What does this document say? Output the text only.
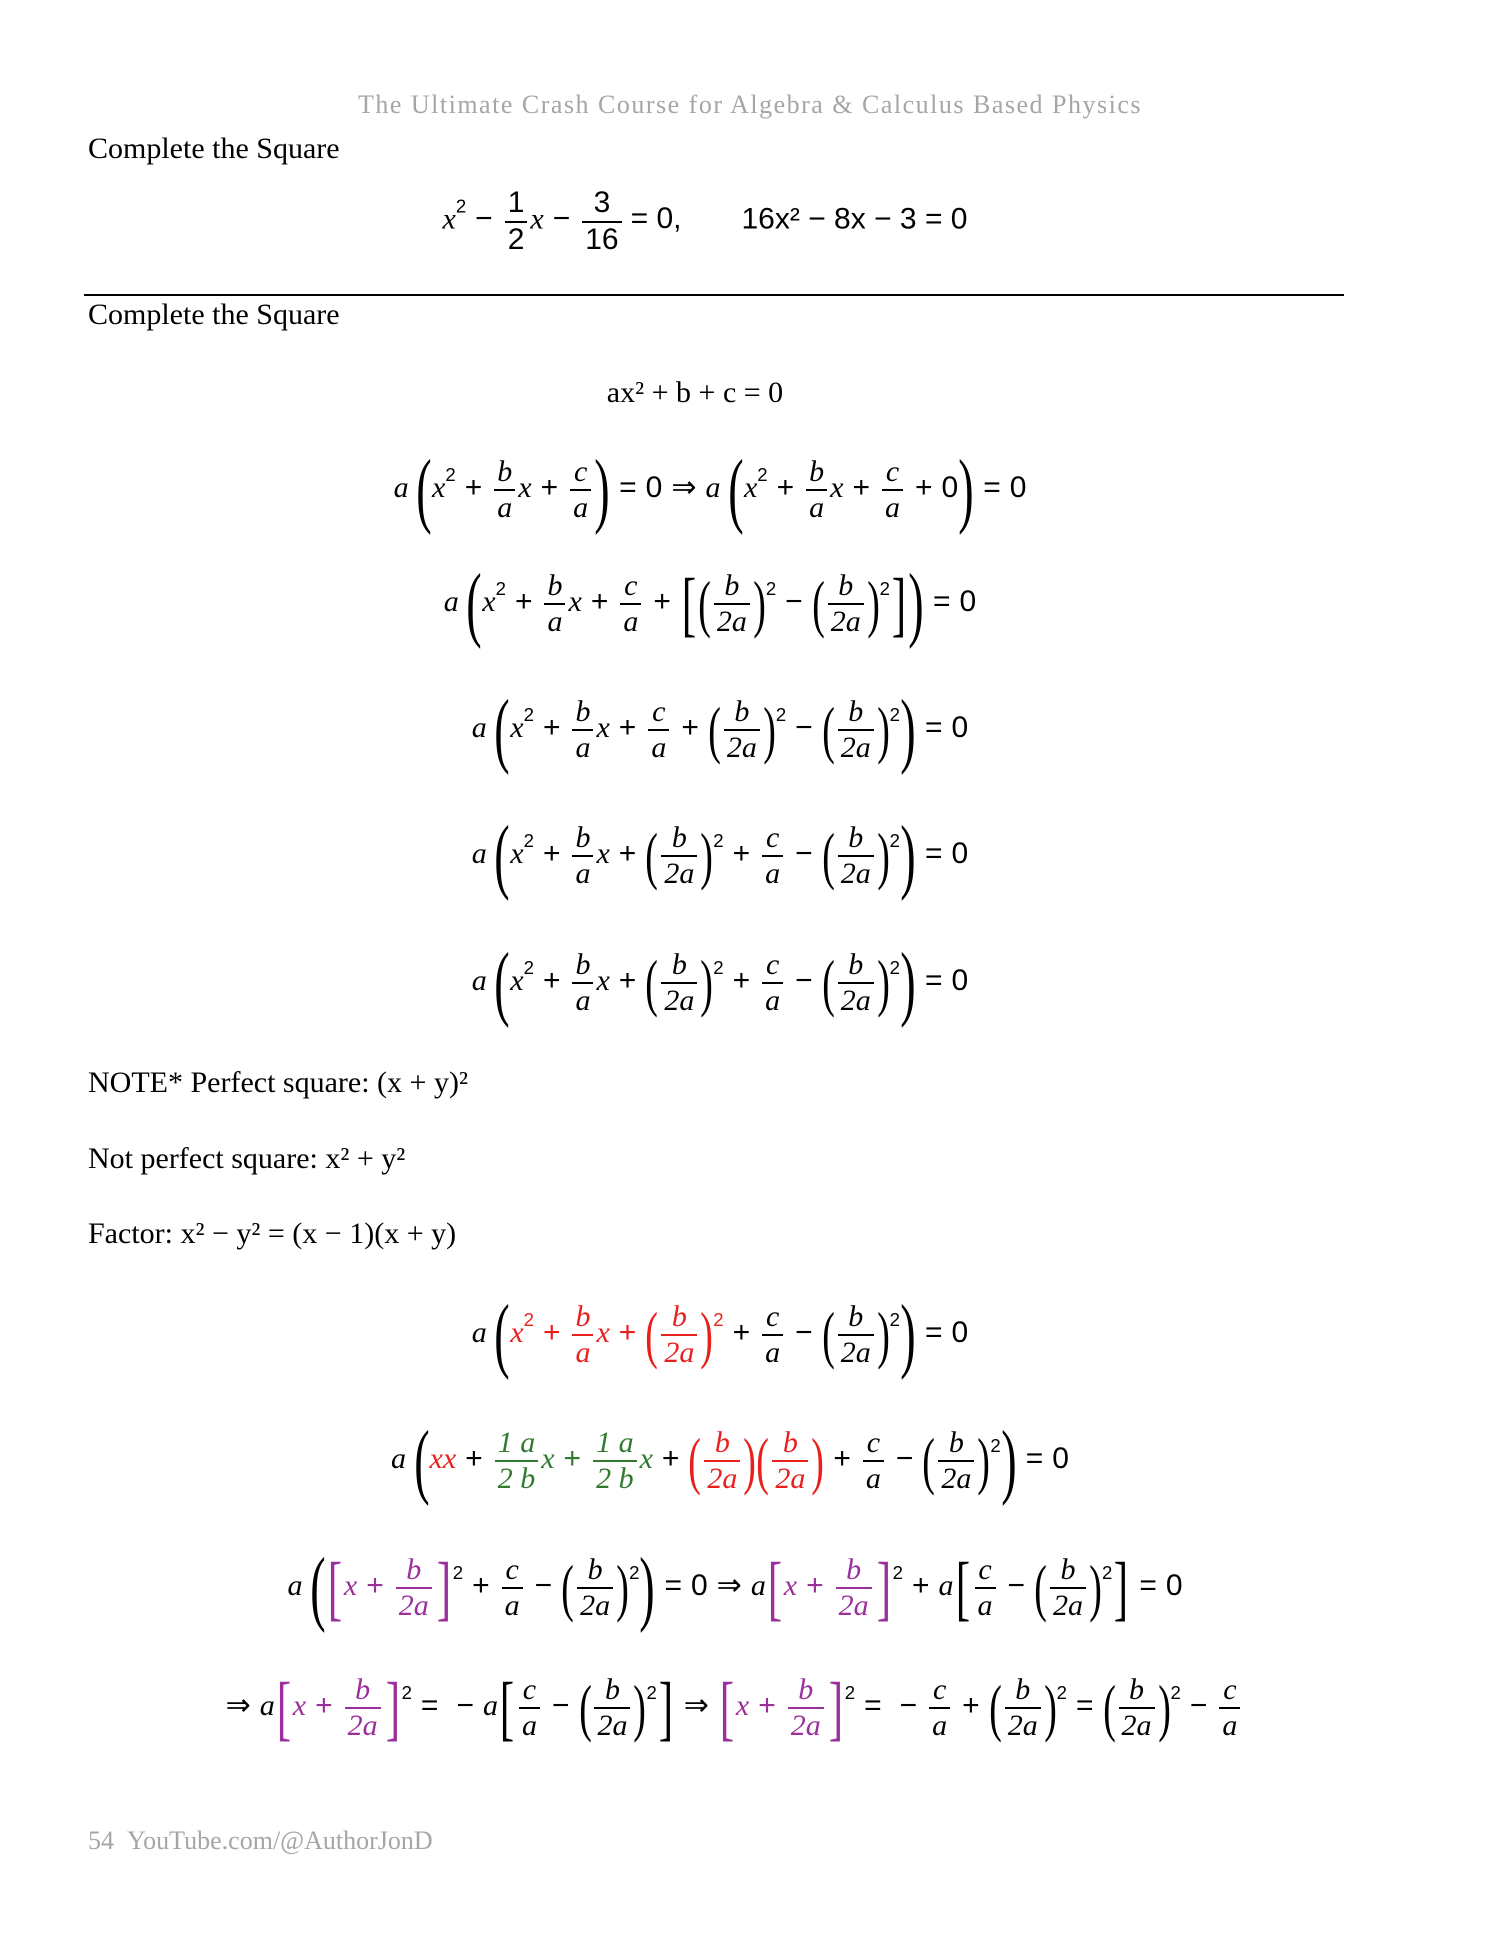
The Ultimate Crash Course for Algebra & Calculus Based Physics
Complete the Square
$x^2 - \frac{1}{2}$ $x - \frac{3}{16} = 0$, 16x² − 8x − 3 = 0
Complete the Square
ax² + b + c = 0
a ($x^2 + \frac{b}{a}$ $x + \frac{c}{a}$ ) = 0 ⇒ a ($x^2 + \frac{b}{a}$ $x + \frac{c}{a} + 0) = 0$
a ($x^2 + \frac{b}{a}$ $x + \frac{c}{a}$ + [( $\frac{b}{2a} )^2$ − ( $\frac{b}{2a} )^2]) = 0$
a ($x^2 + \frac{b}{a}$ $x + \frac{c}{a}$ + ( $\frac{b}{2a} )^2$ − ( $\frac{b}{2a} )^2) = 0$
a ($x^2 + \frac{b}{a}$ x + ( $\frac{b}{2a} )^2 + \frac{c}{a}$ − ( $\frac{b}{2a} )^2) = 0$
a ($x^2 + \frac{b}{a}$ x + ( $\frac{b}{2a} )^2 + \frac{c}{a}$ − ( $\frac{b}{2a} )^2) = 0$
NOTE* Perfect square: (x + y)²
Not perfect square: x² + y²
Factor: x² − y² = (x − 1)(x + y)
a ($x^2 + \frac{b}{a}$ x + ( $\frac{b}{2a} )^2 + \frac{c}{a}$ − ( $\frac{b}{2a} )^2) = 0$
a ($xx + \frac{1 a}{2 b}$ $x + \frac{1 a}{2 b}$ x + ( $\frac{b}{2a}$ )( $\frac{b}{2a}$ ) + $\frac{c}{a}$ − ( $\frac{b}{2a} )^2) = 0$
a ($[x + \frac{b}{2a} ]^2 + \frac{c}{a}$ − ( $\frac{b}{2a} )^2) = 0$ ⇒ $a[x + \frac{b}{2a} ]^2 + a[ \frac{c}{a}$ − ( $\frac{b}{2a} )^2] = 0$
⇒ $a[x + \frac{b}{2a} ]^2$ = − $a[ \frac{c}{a}$ − ( $\frac{b}{2a} )^2$] ⇒ $[x + \frac{b}{2a} ]^2$ = − $\frac{c}{a}$ + ( $\frac{b}{2a} )^2$ = ( $\frac{b}{2a} )^2 - \frac{c}{a}$
54 YouTube.com/@AuthorJonD
